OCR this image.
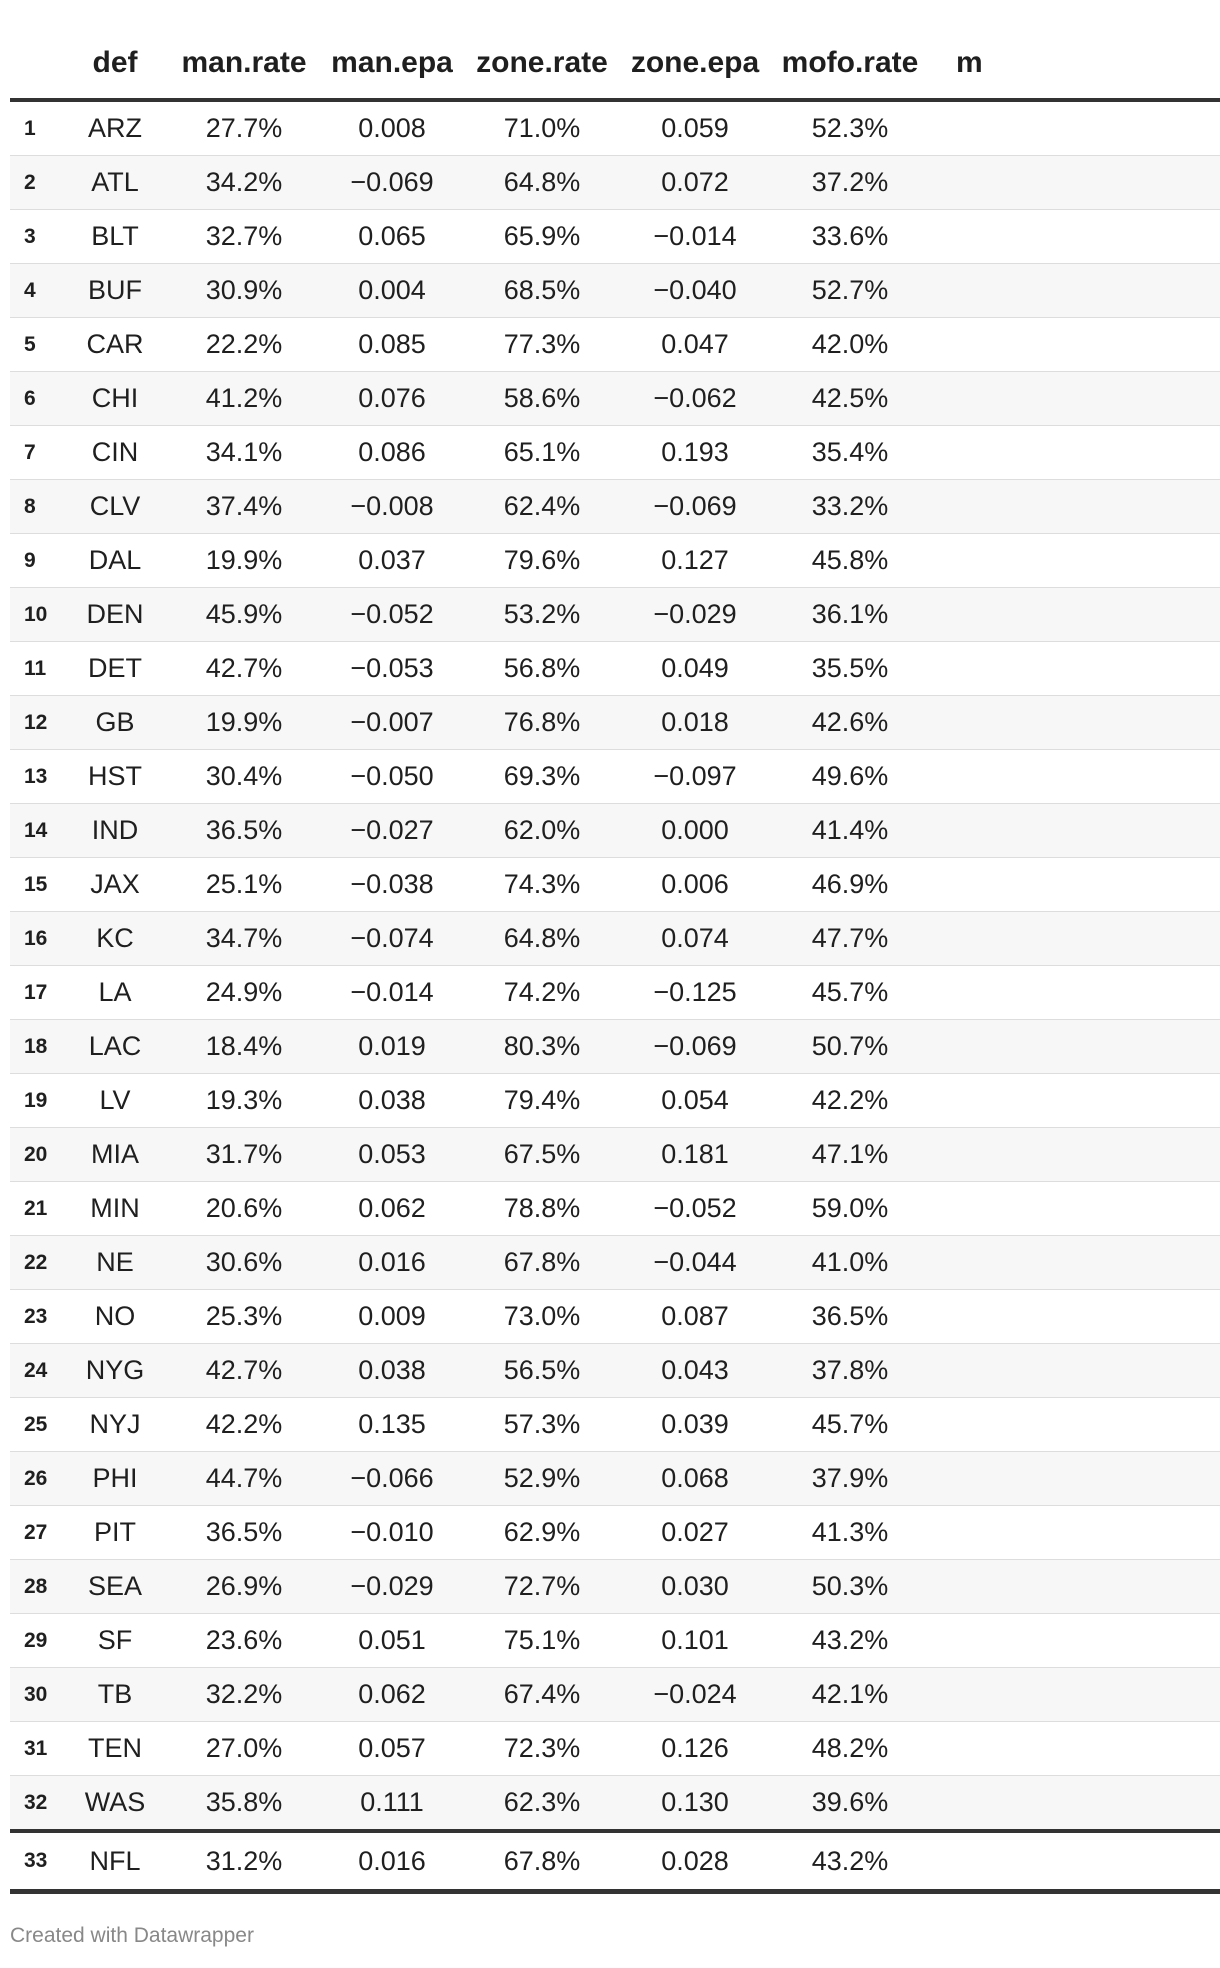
	def	man.rate	man.epa	zone.rate	zone.epa	mofo.rate	m
1	ARZ	27.7%	0.008	71.0%	0.059	52.3%	
2	ATL	34.2%	−0.069	64.8%	0.072	37.2%	
3	BLT	32.7%	0.065	65.9%	−0.014	33.6%	
4	BUF	30.9%	0.004	68.5%	−0.040	52.7%	
5	CAR	22.2%	0.085	77.3%	0.047	42.0%	
6	CHI	41.2%	0.076	58.6%	−0.062	42.5%	
7	CIN	34.1%	0.086	65.1%	0.193	35.4%	
8	CLV	37.4%	−0.008	62.4%	−0.069	33.2%	
9	DAL	19.9%	0.037	79.6%	0.127	45.8%	
10	DEN	45.9%	−0.052	53.2%	−0.029	36.1%	
11	DET	42.7%	−0.053	56.8%	0.049	35.5%	
12	GB	19.9%	−0.007	76.8%	0.018	42.6%	
13	HST	30.4%	−0.050	69.3%	−0.097	49.6%	
14	IND	36.5%	−0.027	62.0%	0.000	41.4%	
15	JAX	25.1%	−0.038	74.3%	0.006	46.9%	
16	KC	34.7%	−0.074	64.8%	0.074	47.7%	
17	LA	24.9%	−0.014	74.2%	−0.125	45.7%	
18	LAC	18.4%	0.019	80.3%	−0.069	50.7%	
19	LV	19.3%	0.038	79.4%	0.054	42.2%	
20	MIA	31.7%	0.053	67.5%	0.181	47.1%	
21	MIN	20.6%	0.062	78.8%	−0.052	59.0%	
22	NE	30.6%	0.016	67.8%	−0.044	41.0%	
23	NO	25.3%	0.009	73.0%	0.087	36.5%	
24	NYG	42.7%	0.038	56.5%	0.043	37.8%	
25	NYJ	42.2%	0.135	57.3%	0.039	45.7%	
26	PHI	44.7%	−0.066	52.9%	0.068	37.9%	
27	PIT	36.5%	−0.010	62.9%	0.027	41.3%	
28	SEA	26.9%	−0.029	72.7%	0.030	50.3%	
29	SF	23.6%	0.051	75.1%	0.101	43.2%	
30	TB	32.2%	0.062	67.4%	−0.024	42.1%	
31	TEN	27.0%	0.057	72.3%	0.126	48.2%	
32	WAS	35.8%	0.111	62.3%	0.130	39.6%	
33	NFL	31.2%	0.016	67.8%	0.028	43.2%	
Created with Datawrapper
